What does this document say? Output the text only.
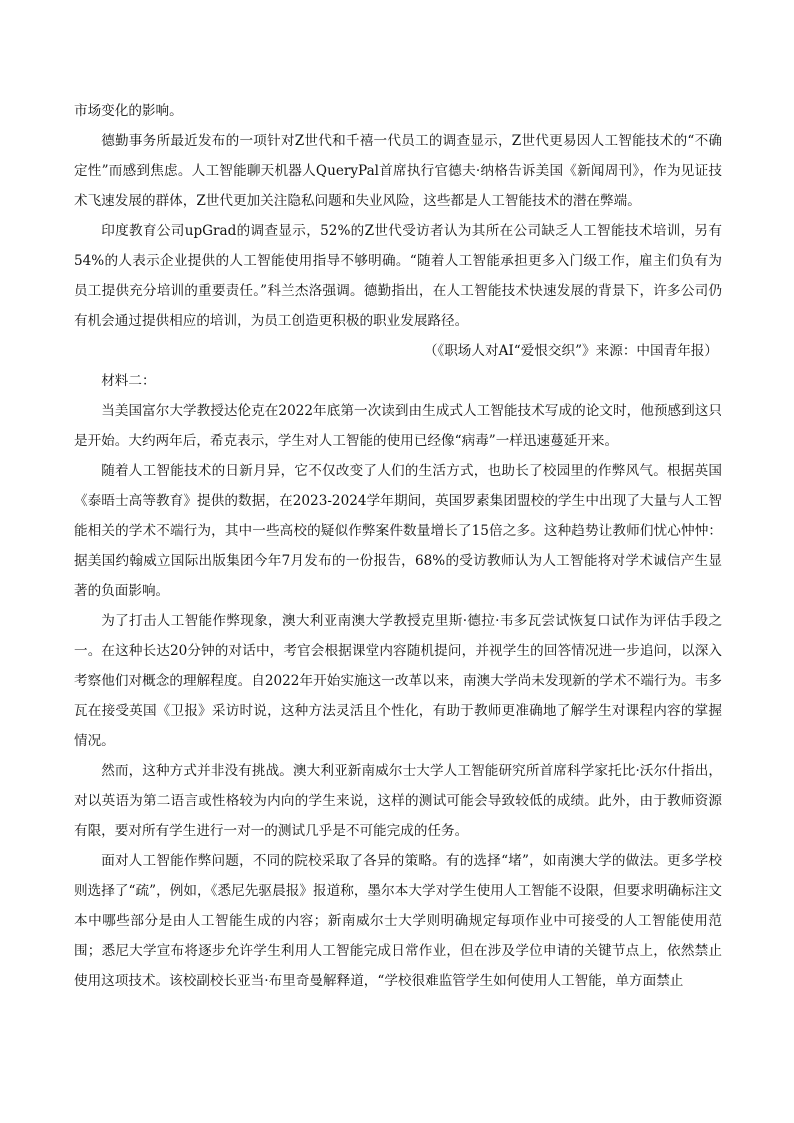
市场变化的影响。

德勤事务所最近发布的一项针对Z世代和千禧一代员工的调查显示，Z世代更易因人工智能技术的“不确定性”而感到焦虑。人工智能聊天机器人QueryPal首席执行官德夫·纳格告诉美国《新闻周刊》，作为见证技术飞速发展的群体，Z世代更加关注隐私问题和失业风险，这些都是人工智能技术的潜在弊端。

印度教育公司upGrad的调查显示，52%的Z世代受访者认为其所在公司缺乏人工智能技术培训，另有54%的人表示企业提供的人工智能使用指导不够明确。“随着人工智能承担更多入门级工作，雇主们负有为员工提供充分培训的重要责任。”科兰杰洛强调。德勤指出，在人工智能技术快速发展的背景下，许多公司仍有机会通过提供相应的培训，为员工创造更积极的职业发展路径。

（《职场人对AI“爱恨交织”》来源：中国青年报）

材料二：

当美国富尔大学教授达伦克在2022年底第一次读到由生成式人工智能技术写成的论文时，他预感到这只是开始。大约两年后，希克表示，学生对人工智能的使用已经像“病毒”一样迅速蔓延开来。

随着人工智能技术的日新月异，它不仅改变了人们的生活方式，也助长了校园里的作弊风气。根据英国《泰晤士高等教育》提供的数据，在2023-2024学年期间，英国罗素集团盟校的学生中出现了大量与人工智能相关的学术不端行为，其中一些高校的疑似作弊案件数量增长了15倍之多。这种趋势让教师们忧心忡忡：据美国约翰威立国际出版集团今年7月发布的一份报告，68%的受访教师认为人工智能将对学术诚信产生显著的负面影响。

为了打击人工智能作弊现象，澳大利亚南澳大学教授克里斯·德拉·韦多瓦尝试恢复口试作为评估手段之一。在这种长达20分钟的对话中，考官会根据课堂内容随机提问，并视学生的回答情况进一步追问，以深入考察他们对概念的理解程度。自2022年开始实施这一改革以来，南澳大学尚未发现新的学术不端行为。韦多瓦在接受英国《卫报》采访时说，这种方法灵活且个性化，有助于教师更准确地了解学生对课程内容的掌握情况。

然而，这种方式并非没有挑战。澳大利亚新南威尔士大学人工智能研究所首席科学家托比·沃尔什指出，对以英语为第二语言或性格较为内向的学生来说，这样的测试可能会导致较低的成绩。此外，由于教师资源有限，要对所有学生进行一对一的测试几乎是不可能完成的任务。

面对人工智能作弊问题，不同的院校采取了各异的策略。有的选择“堵”，如南澳大学的做法。更多学校则选择了“疏”，例如，《悉尼先驱晨报》报道称，墨尔本大学对学生使用人工智能不设限，但要求明确标注文本中哪些部分是由人工智能生成的内容；新南威尔士大学则明确规定每项作业中可接受的人工智能使用范围；悉尼大学宣布将逐步允许学生利用人工智能完成日常作业，但在涉及学位申请的关键节点上，依然禁止使用这项技术。该校副校长亚当·布里奇曼解释道，“学校很难监管学生如何使用人工智能，单方面禁止
